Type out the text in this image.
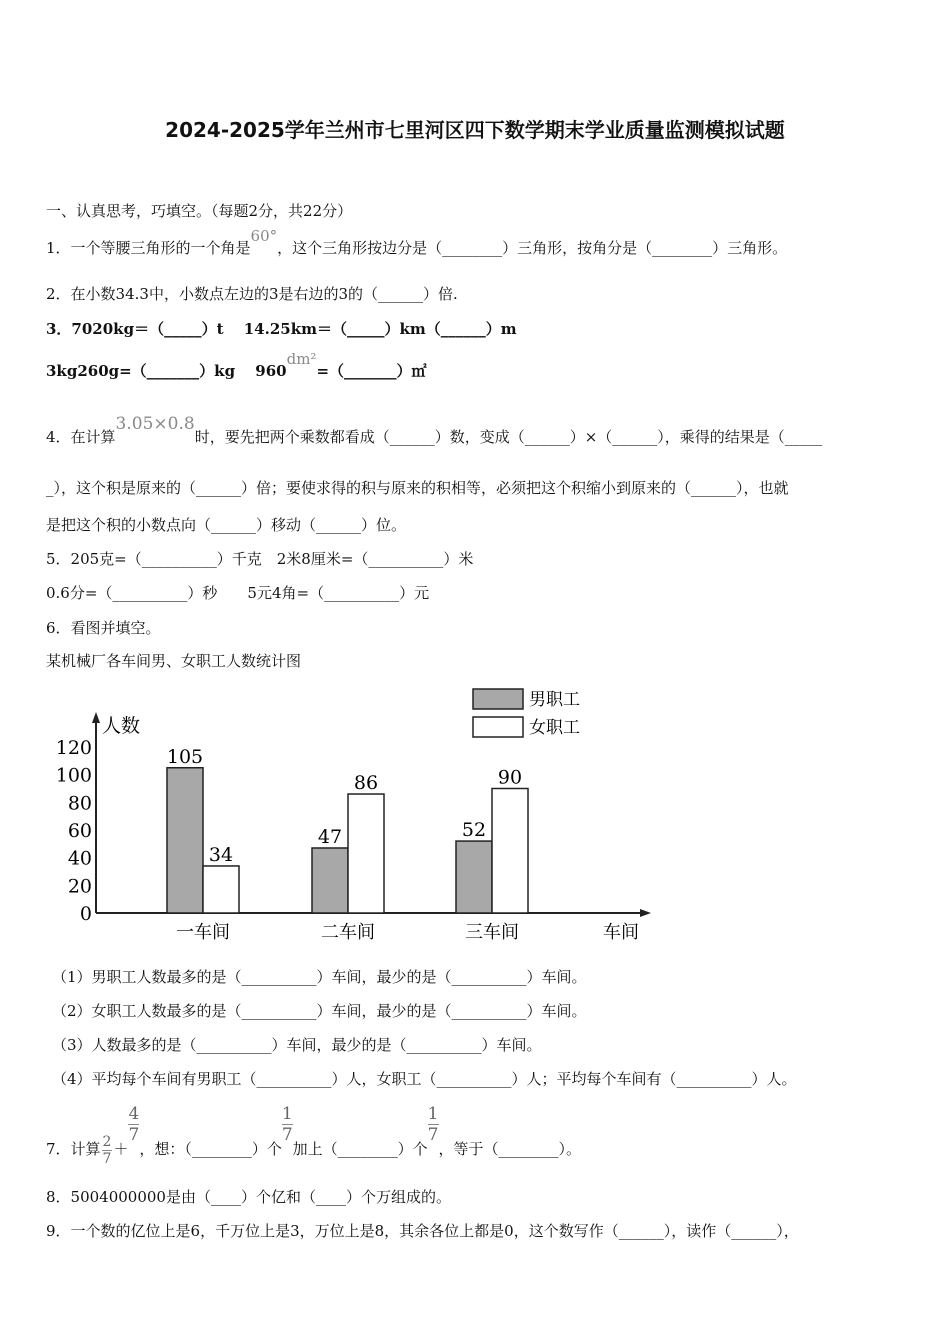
2024-2025学年兰州市七里河区四下数学期末学业质量监测模拟试题
一、认真思考，巧填空。（每题2分，共22分）
1．一个等腰三角形的一个角是60°，这个三角形按边分是（________）三角形，按角分是（________）三角形。
2．在小数34.3中，小数点左边的3是右边的3的（______）倍.
3．7020kg＝（_____）t　 14.25km＝（_____）km（______）m
3kg260g=（_______）kg　 960dm²=（_______）㎡
4．在计算3.05×0.8时，要先把两个乘数都看成（______）数，变成（______）×（______），乘得的结果是（_____
_），这个积是原来的（______）倍；要使求得的积与原来的积相等，必须把这个积缩小到原来的（______），也就
是把这个积的小数点向（______）移动（______）位。
5．205克=（__________）千克　2米8厘米=（__________）米
0.6分=（__________）秒　　5元4角=（__________）元
6．看图并填空。
某机械厂各车间男、女职工人数统计图
人数
车间
0
20
40
60
80
100
120	105
34
一车间
47
86
二车间
52
90
三车间
男职工
女职工
（1）男职工人数最多的是（__________）车间，最少的是（__________）车间。
（2）女职工人数最多的是（__________）车间，最少的是（__________）车间。
（3）人数最多的是（__________）车间，最少的是（__________）车间。
（4）平均每个车间有男职工（__________）人，女职工（__________）人；平均每个车间有（__________）人。
7．计算 $\frac{2}{7}$ ＋
$\frac{4}{7}$，想：（________）个
$\frac{1}{7}$加上（________）个
$\frac{1}{7}$，等于（________）。
8．5004000000是由（____）个亿和（____）个万组成的。
9．一个数的亿位上是6，千万位上是3，万位上是8，其余各位上都是0，这个数写作（______），读作（______），
